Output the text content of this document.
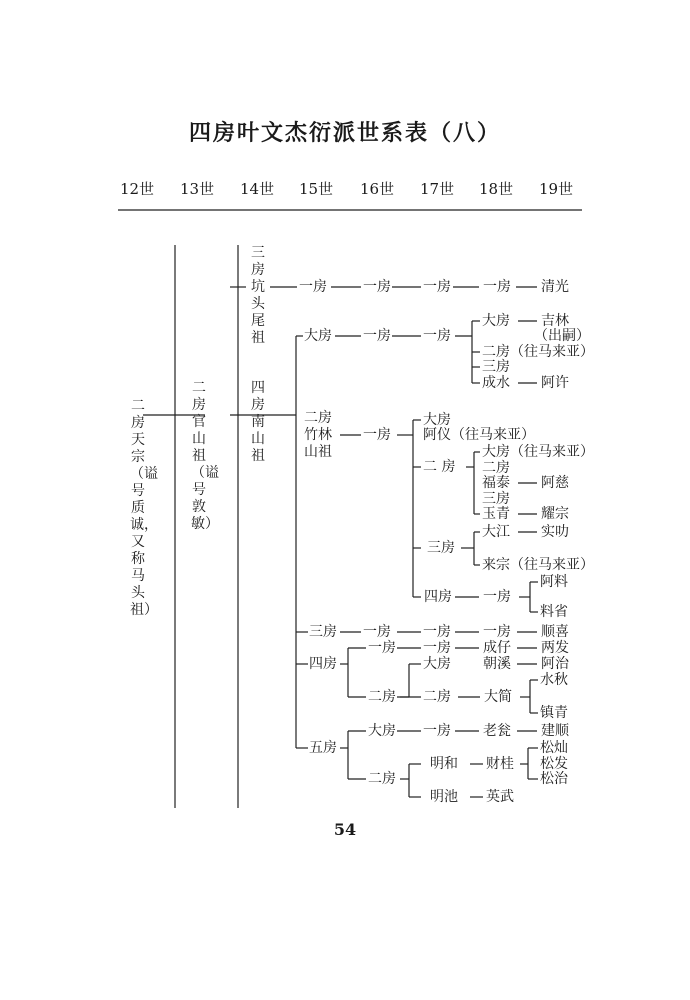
四房叶文杰衍派世系表（八）
12世 13世 14世 15世 16世 17世 18世 19世
二房天宗（谥号质诚，又称马头祖）
二房官山祖（谥号敦敏）
三房坑头尾祖
四房南山祖
一房	一房 一房 一房 清光
大房 一房 一房
大房 吉林
（出嗣）
二房（往马来亚）
三房
成水 阿许
二房
竹林
山祖
一房
大房
阿仪（往马来亚）
二 房
大房（往马来亚）
二房
福泰 阿慈
三房
玉青 耀宗
三房
大江 实叻
来宗（往马来亚）
四房 一房
阿料
料省
三房 一房 一房 一房 顺喜
四房
一房 一房 成仔 两发
大房 朝溪 阿治
二房 二房 大简
水秋
镇青
五房
大房 一房 老瓮 建顺
二房
明和 财桂
松灿
松发
松治
明池 英武
54
